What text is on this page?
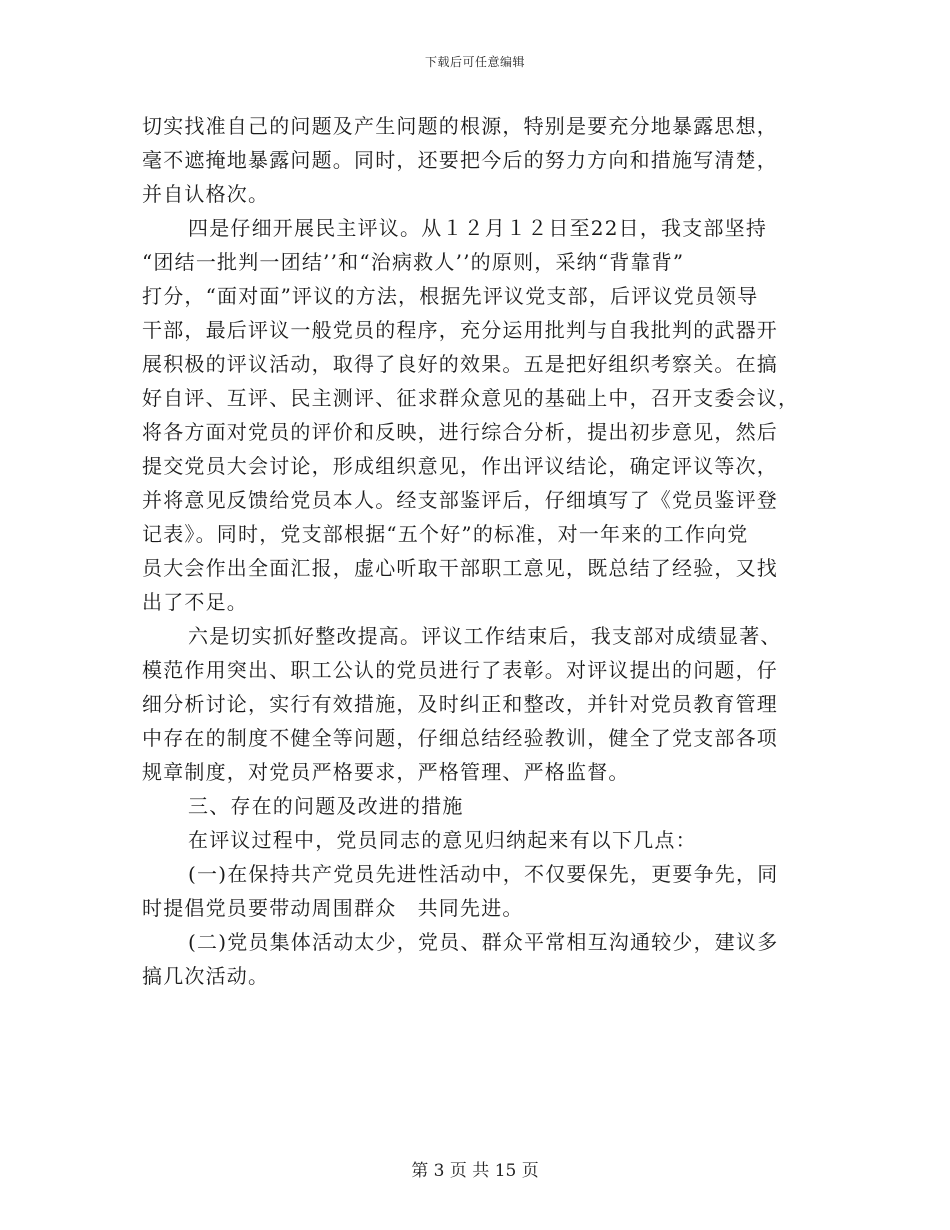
下载后可任意编辑
切实找准自己的问题及产生问题的根源，特别是要充分地暴露思想，
毫不遮掩地暴露问题。同时，还要把今后的努力方向和措施写清楚，
并自认格次。
四是仔细开展民主评议。从１２月１２日至22日，我支部坚持
“团结一批判一团结’’和“治病救人’’的原则，采纳“背靠背”
打分，“面对面”评议的方法，根据先评议党支部，后评议党员领导
干部，最后评议一般党员的程序，充分运用批判与自我批判的武器开
展积极的评议活动，取得了良好的效果。五是把好组织考察关。在搞
好自评、互评、民主测评、征求群众意见的基础上中，召开支委会议，
将各方面对党员的评价和反映，进行综合分析，提出初步意见，然后
提交党员大会讨论，形成组织意见，作出评议结论，确定评议等次，
并将意见反馈给党员本人。经支部鉴评后，仔细填写了《党员鉴评登
记表》。同时，党支部根据“五个好”的标准，对一年来的工作向党
员大会作出全面汇报，虚心听取干部职工意见，既总结了经验，又找
出了不足。
六是切实抓好整改提高。评议工作结束后，我支部对成绩显著、
模范作用突出、职工公认的党员进行了表彰。对评议提出的问题，仔
细分析讨论，实行有效措施，及时纠正和整改，并针对党员教育管理
中存在的制度不健全等问题，仔细总结经验教训，健全了党支部各项
规章制度，对党员严格要求，严格管理、严格监督。
三、存在的问题及改进的措施
在评议过程中，党员同志的意见归纳起来有以下几点：
(一)在保持共产党员先进性活动中，不仅要保先，更要争先，同
时提倡党员要带动周围群众　共同先进。
(二)党员集体活动太少，党员、群众平常相互沟通较少，建议多
搞几次活动。
第 3 页 共 15 页
